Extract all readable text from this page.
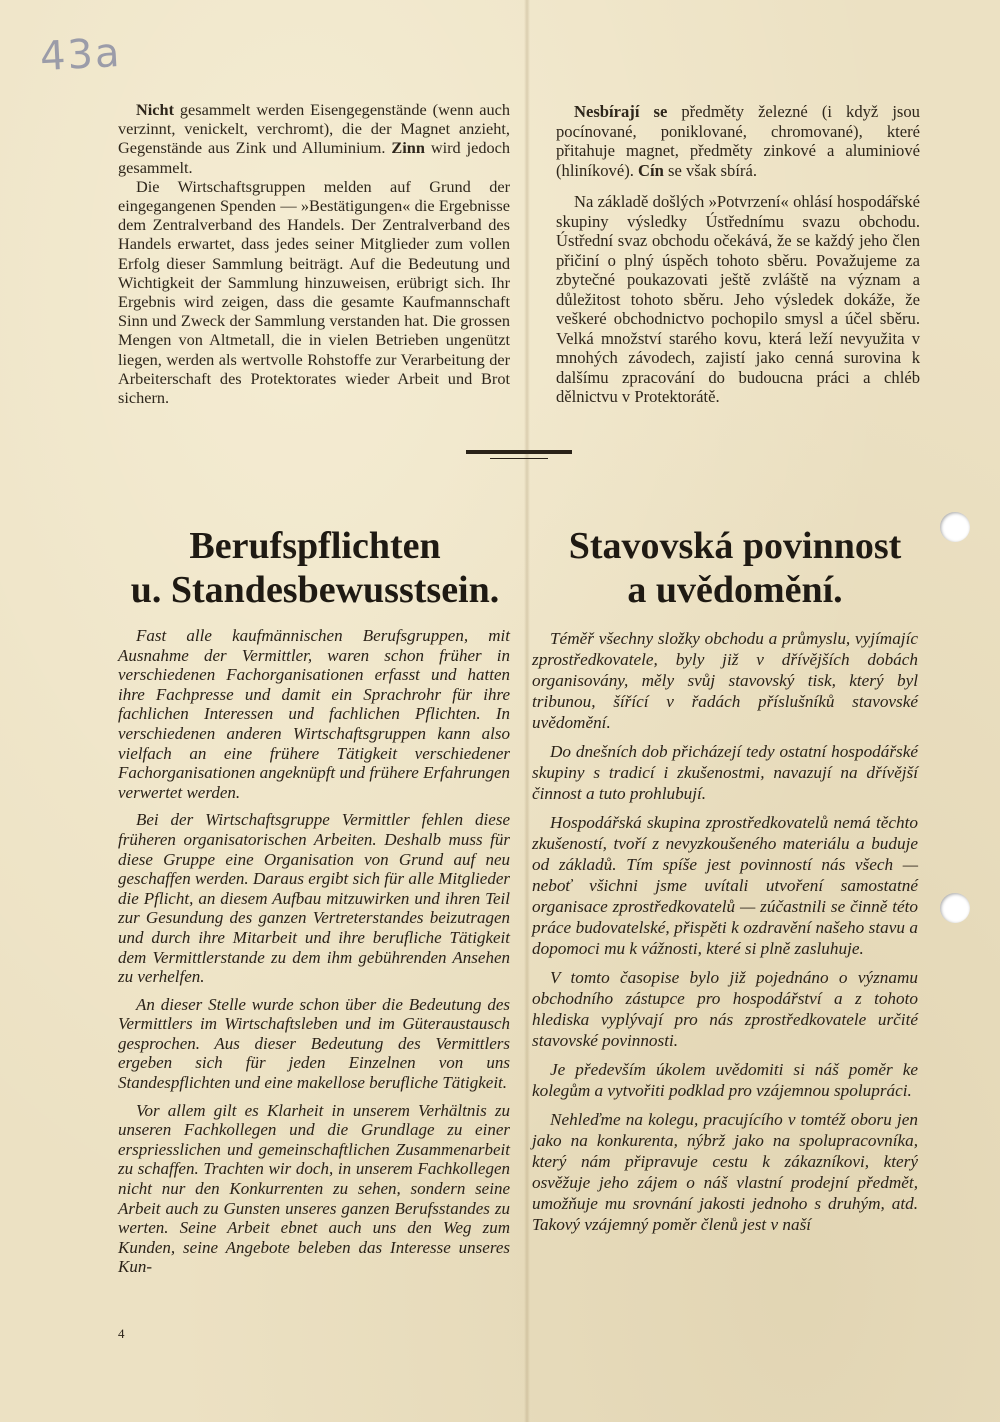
43a
Nicht gesammelt werden Eisengegenstände (wenn auch verzinnt, venickelt, verchromt), die der Magnet anzieht, Gegenstände aus Zink und Alluminium. Zinn wird jedoch gesammelt.
Die Wirtschaftsgruppen melden auf Grund der eingegangenen Spenden — »Bestätigungen« die Ergebnisse dem Zentralverband des Handels. Der Zentralverband des Handels erwartet, dass jedes seiner Mitglieder zum vollen Erfolg dieser Sammlung beiträgt. Auf die Bedeutung und Wichtigkeit der Sammlung hinzuweisen, erübrigt sich. Ihr Ergebnis wird zeigen, dass die gesamte Kaufmannschaft Sinn und Zweck der Sammlung verstanden hat. Die grossen Mengen von Altmetall, die in vielen Betrieben ungenützt liegen, werden als wertvolle Rohstoffe zur Verarbeitung der Arbeiterschaft des Protektorates wieder Arbeit und Brot sichern.
Nesbírají se předměty železné (i když jsou pocínované, poniklované, chromované), které přitahuje magnet, předměty zinkové a aluminiové (hliníkové). Cín se však sbírá.
Na základě došlých »Potvrzení« ohlásí hospodářské skupiny výsledky Ústřednímu svazu obchodu. Ústřední svaz obchodu očekává, že se každý jeho člen přičiní o plný úspěch tohoto sběru. Považujeme za zbytečné poukazovati ještě zvláště na význam a důležitost tohoto sběru. Jeho výsledek dokáže, že veškeré obchodnictvo pochopilo smysl a účel sběru. Velká množství starého kovu, která leží nevyužita v mnohých závodech, zajistí jako cenná surovina k dalšímu zpracování do budoucna práci a chléb dělnictvu v Protektorátě.
Berufspflichten
u. Standesbewusstsein.
Stavovská povinnost
a uvědomění.

Fast alle kaufmännischen Berufsgruppen, mit Ausnahme der Vermittler, waren schon früher in verschiedenen Fachorganisationen erfasst und hatten ihre Fachpresse und damit ein Sprachrohr für ihre fachlichen Interessen und fachlichen Pflichten. In verschiedenen anderen Wirtschaftsgruppen kann also vielfach an eine frühere Tätigkeit verschiedener Fachorganisationen angeknüpft und frühere Erfahrungen verwertet werden.

Bei der Wirtschaftsgruppe Vermittler fehlen diese früheren organisatorischen Arbeiten. Deshalb muss für diese Gruppe eine Organisation von Grund auf neu geschaffen werden. Daraus ergibt sich für alle Mitglieder die Pflicht, an diesem Aufbau mitzuwirken und ihren Teil zur Gesundung des ganzen Vertreterstandes beizutragen und durch ihre Mitarbeit und ihre berufliche Tätigkeit dem Vermittlerstande zu dem ihm gebührenden Ansehen zu verhelfen.

An dieser Stelle wurde schon über die Bedeutung des Vermittlers im Wirtschaftsleben und im Güteraustausch gesprochen. Aus dieser Bedeutung des Vermittlers ergeben sich für jeden Einzelnen von uns Standespflichten und eine makellose berufliche Tätigkeit.

Vor allem gilt es Klarheit in unserem Verhältnis zu unseren Fachkollegen und die Grundlage zu einer erspriesslichen und gemeinschaftlichen Zusammenarbeit zu schaffen. Trachten wir doch, in unserem Fachkollegen nicht nur den Konkurrenten zu sehen, sondern seine Arbeit auch zu Gunsten unseres ganzen Berufsstandes zu werten. Seine Arbeit ebnet auch uns den Weg zum Kunden, seine Angebote beleben das Interesse unseres Kun-

Téměř všechny složky obchodu a průmyslu, vyjímajíc zprostředkovatele, byly již v dřívějších dobách organisovány, měly svůj stavovský tisk, který byl tribunou, šířící v řadách příslušníků stavovské uvědomění.

Do dnešních dob přicházejí tedy ostatní hospodářské skupiny s tradicí i zkušenostmi, navazují na dřívější činnost a tuto prohlubují.

Hospodářská skupina zprostředkovatelů nemá těchto zkušeností, tvoří z nevyzkoušeného materiálu a buduje od základů. Tím spíše jest povinností nás všech — neboť všichni jsme uvítali utvoření samostatné organisace zprostředkovatelů — zúčastnili se činně této práce budovatelské, přispěti k ozdravění našeho stavu a dopomoci mu k vážnosti, které si plně zasluhuje.

V tomto časopise bylo již pojednáno o významu obchodního zástupce pro hospodářství a z tohoto hlediska vyplývají pro nás zprostředkovatele určité stavovské povinnosti.

Je především úkolem uvědomiti si náš poměr ke kolegům a vytvořiti podklad pro vzájemnou spolupráci.

Nehleďme na kolegu, pracujícího v tomtéž oboru jen jako na konkurenta, nýbrž jako na spolupracovníka, který nám připravuje cestu k zákazníkovi, který osvěžuje jeho zájem o náš vlastní prodejní předmět, umožňuje mu srovnání jakosti jednoho s druhým, atd. Takový vzájemný poměr členů jest v naší

4
